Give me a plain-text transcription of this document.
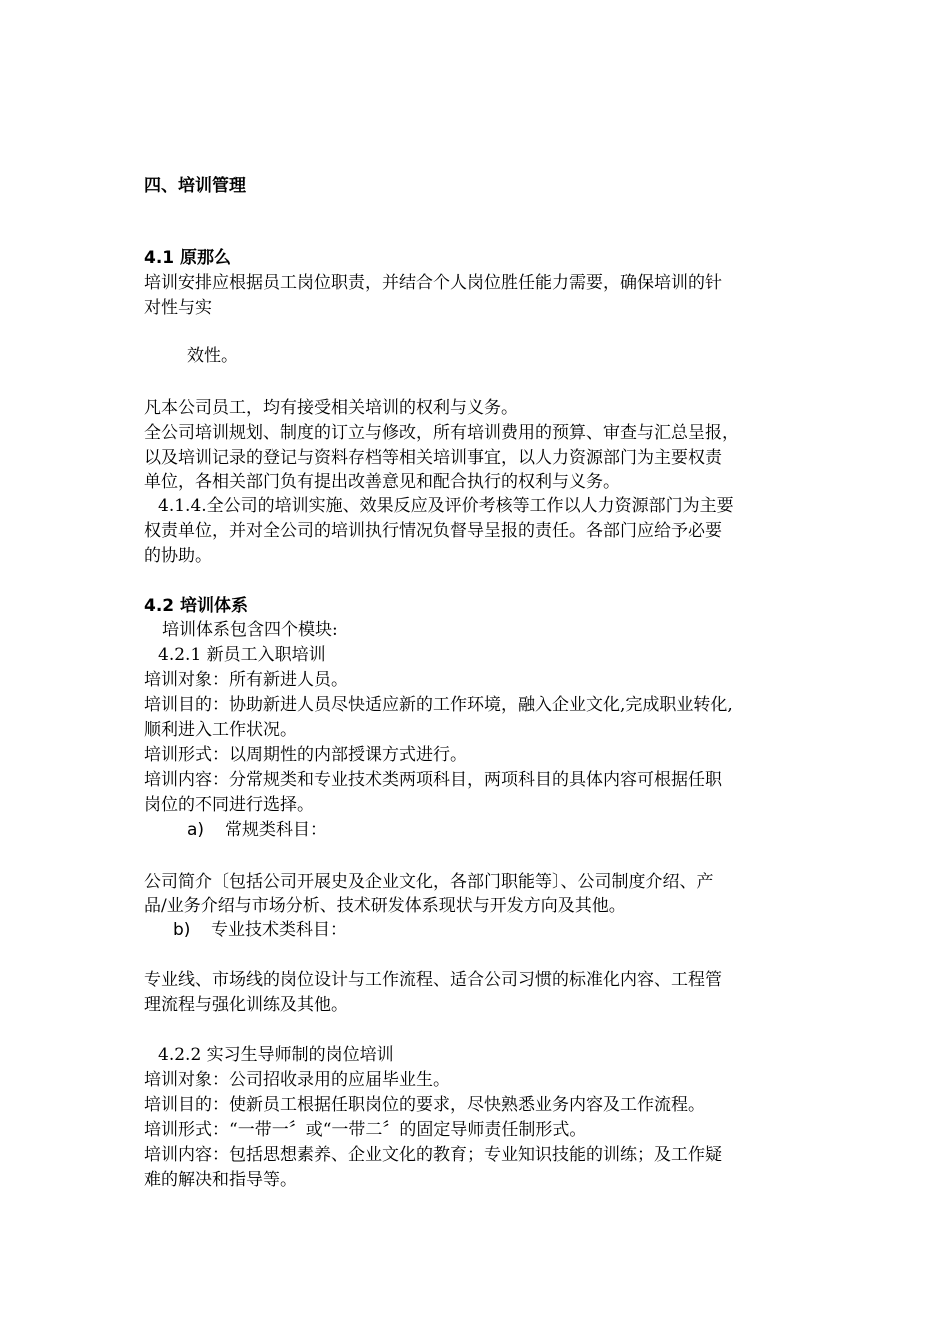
四、培训管理
4.1 原那么
培训安排应根据员工岗位职责，并结合个人岗位胜任能力需要，确保培训的针
对性与实
效性。
凡本公司员工，均有接受相关培训的权利与义务。
全公司培训规划、制度的订立与修改，所有培训费用的预算、审查与汇总呈报，
以及培训记录的登记与资料存档等相关培训事宜，以人力资源部门为主要权责
单位，各相关部门负有提出改善意见和配合执行的权利与义务。
4.1.4.全公司的培训实施、效果反应及评价考核等工作以人力资源部门为主要
权责单位，并对全公司的培训执行情况负督导呈报的责任。各部门应给予必要
的协助。
4.2 培训体系
培训体系包含四个模块:
4.2.1 新员工入职培训
培训对象：所有新进人员。
培训目的：协助新进人员尽快适应新的工作环境，融入企业文化,完成职业转化,
顺利进入工作状况。
培训形式：以周期性的内部授课方式进行。
培训内容：分常规类和专业技术类两项科目，两项科目的具体内容可根据任职
岗位的不同进行选择。
a)	常规类科目：
公司简介〔包括公司开展史及企业文化，各部门职能等〕、公司制度介绍、产
品/业务介绍与市场分析、技术研发体系现状与开发方向及其他。
b)	专业技术类科目：
专业线、市场线的岗位设计与工作流程、适合公司习惯的标准化内容、工程管
理流程与强化训练及其他。
4.2.2 实习生导师制的岗位培训
培训对象：公司招收录用的应届毕业生。
培训目的：使新员工根据任职岗位的要求，尽快熟悉业务内容及工作流程。
培训形式：“一带一〞或“一带二〞的固定导师责任制形式。
培训内容：包括思想素养、企业文化的教育；专业知识技能的训练；及工作疑
难的解决和指导等。
